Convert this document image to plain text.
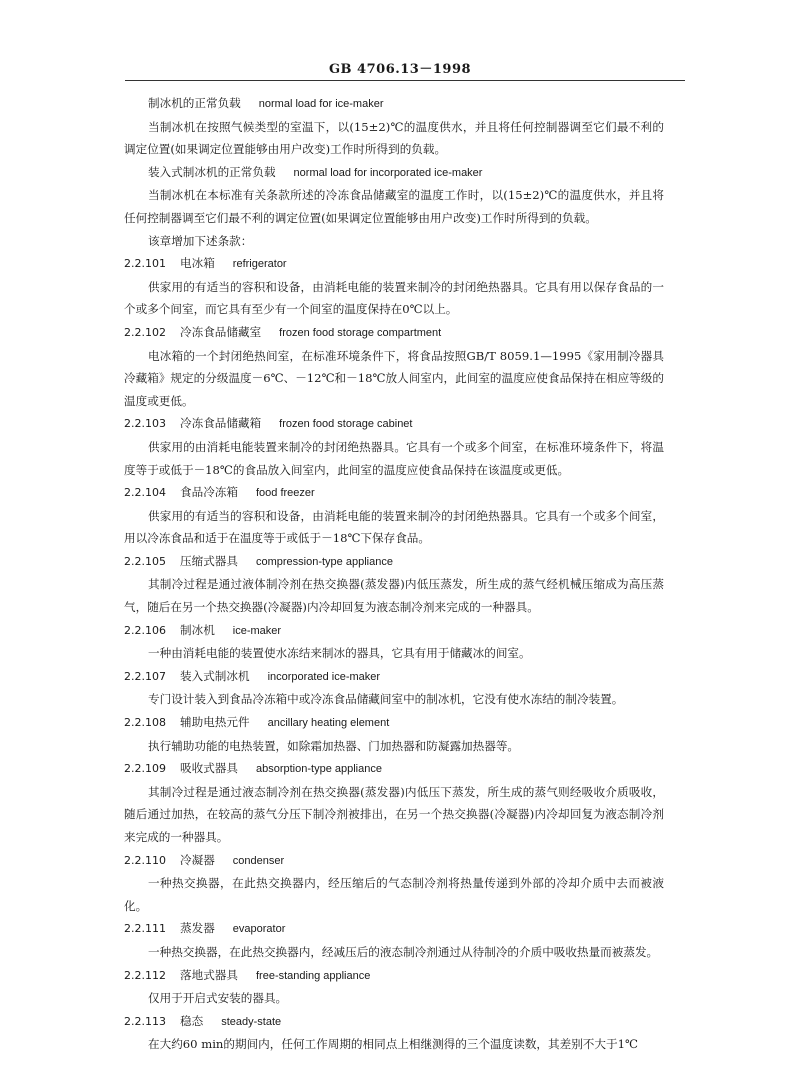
GB 4706.13－1998
制冰机的正常负载 normal load for ice-maker
当制冰机在按照气候类型的室温下，以(15±2)℃的温度供水，并且将任何控制器调至它们最不利的调定位置(如果调定位置能够由用户改变)工作时所得到的负载。
装入式制冰机的正常负载 normal load for incorporated ice-maker
当制冰机在本标准有关条款所述的冷冻食品储藏室的温度工作时，以(15±2)℃的温度供水，并且将任何控制器调至它们最不利的调定位置(如果调定位置能够由用户改变)工作时所得到的负载。
该章增加下述条款：
2.2.101 电冰箱 refrigerator
供家用的有适当的容积和设备，由消耗电能的装置来制冷的封闭绝热器具。它具有用以保存食品的一个或多个间室，而它具有至少有一个间室的温度保持在0℃以上。
2.2.102 冷冻食品储藏室 frozen food storage compartment
电冰箱的一个封闭绝热间室，在标准环境条件下，将食品按照GB/T 8059.1—1995《家用制冷器具 冷藏箱》规定的分级温度－6℃、－12℃和－18℃放人间室内，此间室的温度应使食品保持在相应等级的温度或更低。
2.2.103 冷冻食品储藏箱 frozen food storage cabinet
供家用的由消耗电能装置来制冷的封闭绝热器具。它具有一个或多个间室，在标准环境条件下，将温度等于或低于－18℃的食品放入间室内，此间室的温度应使食品保持在该温度或更低。
2.2.104 食品冷冻箱 food freezer
供家用的有适当的容积和设备，由消耗电能的装置来制冷的封闭绝热器具。它具有一个或多个间室，用以冷冻食品和适于在温度等于或低于－18℃下保存食品。
2.2.105 压缩式器具 compression-type appliance
其制冷过程是通过液体制冷剂在热交换器(蒸发器)内低压蒸发，所生成的蒸气经机械压缩成为高压蒸气，随后在另一个热交换器(冷凝器)内冷却回复为液态制冷剂来完成的一种器具。
2.2.106 制冰机 ice-maker
一种由消耗电能的装置使水冻结来制冰的器具，它具有用于储藏冰的间室。
2.2.107 装入式制冰机 incorporated ice-maker
专门设计装入到食品冷冻箱中或冷冻食品储藏间室中的制冰机，它没有使水冻结的制冷装置。
2.2.108 辅助电热元件 ancillary heating element
执行辅助功能的电热装置，如除霜加热器、门加热器和防凝露加热器等。
2.2.109 吸收式器具 absorption-type appliance
其制冷过程是通过液态制冷剂在热交换器(蒸发器)内低压下蒸发，所生成的蒸气则经吸收介质吸收，随后通过加热，在较高的蒸气分压下制冷剂被排出，在另一个热交换器(冷凝器)内冷却回复为液态制冷剂来完成的一种器具。
2.2.110 冷凝器 condenser
一种热交换器，在此热交换器内，经压缩后的气态制冷剂将热量传递到外部的冷却介质中去而被液化。
2.2.111 蒸发器 evaporator
一种热交换器，在此热交换器内，经减压后的液态制冷剂通过从待制冷的介质中吸收热量而被蒸发。
2.2.112 落地式器具 free-standing appliance
仅用于开启式安装的器具。
2.2.113 稳态 steady-state
在大约60 min的期间内，任何工作周期的相同点上相继测得的三个温度读数，其差别不大于1℃
